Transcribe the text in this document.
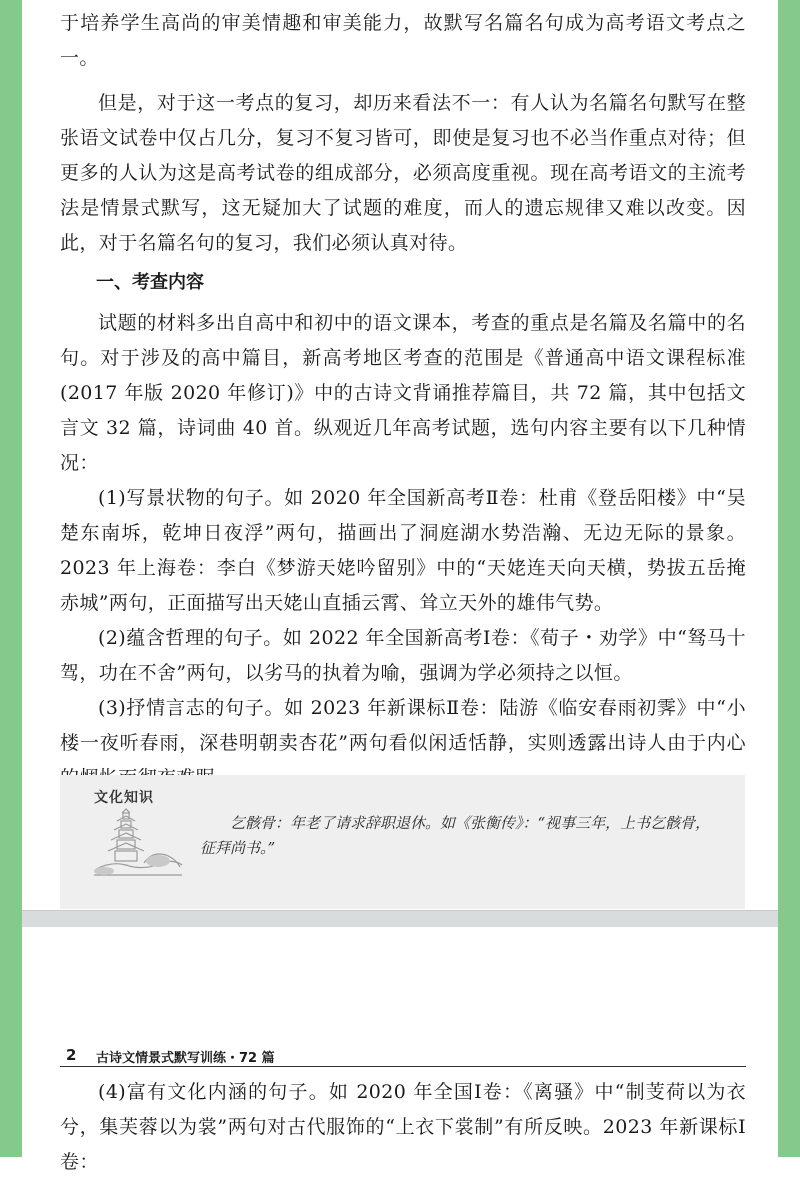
于培养学生高尚的审美情趣和审美能力，故默写名篇名句成为高考语文考点之一。

但是，对于这一考点的复习，却历来看法不一：有人认为名篇名句默写在整张语文试卷中仅占几分，复习不复习皆可，即使是复习也不必当作重点对待；但更多的人认为这是高考试卷的组成部分，必须高度重视。现在高考语文的主流考法是情景式默写，这无疑加大了试题的难度，而人的遗忘规律又难以改变。因此，对于名篇名句的复习，我们必须认真对待。

一、考查内容

试题的材料多出自高中和初中的语文课本，考查的重点是名篇及名篇中的名句。对于涉及的高中篇目，新高考地区考查的范围是《普通高中语文课程标准(2017 年版 2020 年修订)》中的古诗文背诵推荐篇目，共 72 篇，其中包括文言文 32 篇，诗词曲 40 首。纵观近几年高考试题，选句内容主要有以下几种情况：

(1)写景状物的句子。如 2020 年全国新高考Ⅱ卷：杜甫《登岳阳楼》中“吴楚东南坼，乾坤日夜浮”两句，描画出了洞庭湖水势浩瀚、无边无际的景象。2023 年上海卷：李白《梦游天姥吟留别》中的“天姥连天向天横，势拔五岳掩赤城”两句，正面描写出天姥山直插云霄、耸立天外的雄伟气势。

(2)蕴含哲理的句子。如 2022 年全国新高考Ⅰ卷：《荀子・劝学》中“驽马十驾，功在不舍”两句，以劣马的执着为喻，强调为学必须持之以恒。

(3)抒情言志的句子。如 2023 年新课标Ⅱ卷：陆游《临安春雨初霁》中“小楼一夜听春雨，深巷明朝卖杏花”两句看似闲适恬静，实则透露出诗人由于内心

文化知识
乞骸骨：年老了请求辞职退休。如《张衡传》：“视事三年，上书乞骸骨，征拜尚书。”
2 古诗文情景式默写训练・72 篇

(4)富有文化内涵的句子。如 2020 年全国Ⅰ卷：《离骚》中“制芰荷以为衣兮，集芙蓉以为裳”两句对古代服饰的“上衣下裳制”有所反映。2023 年新课标Ⅰ卷：
